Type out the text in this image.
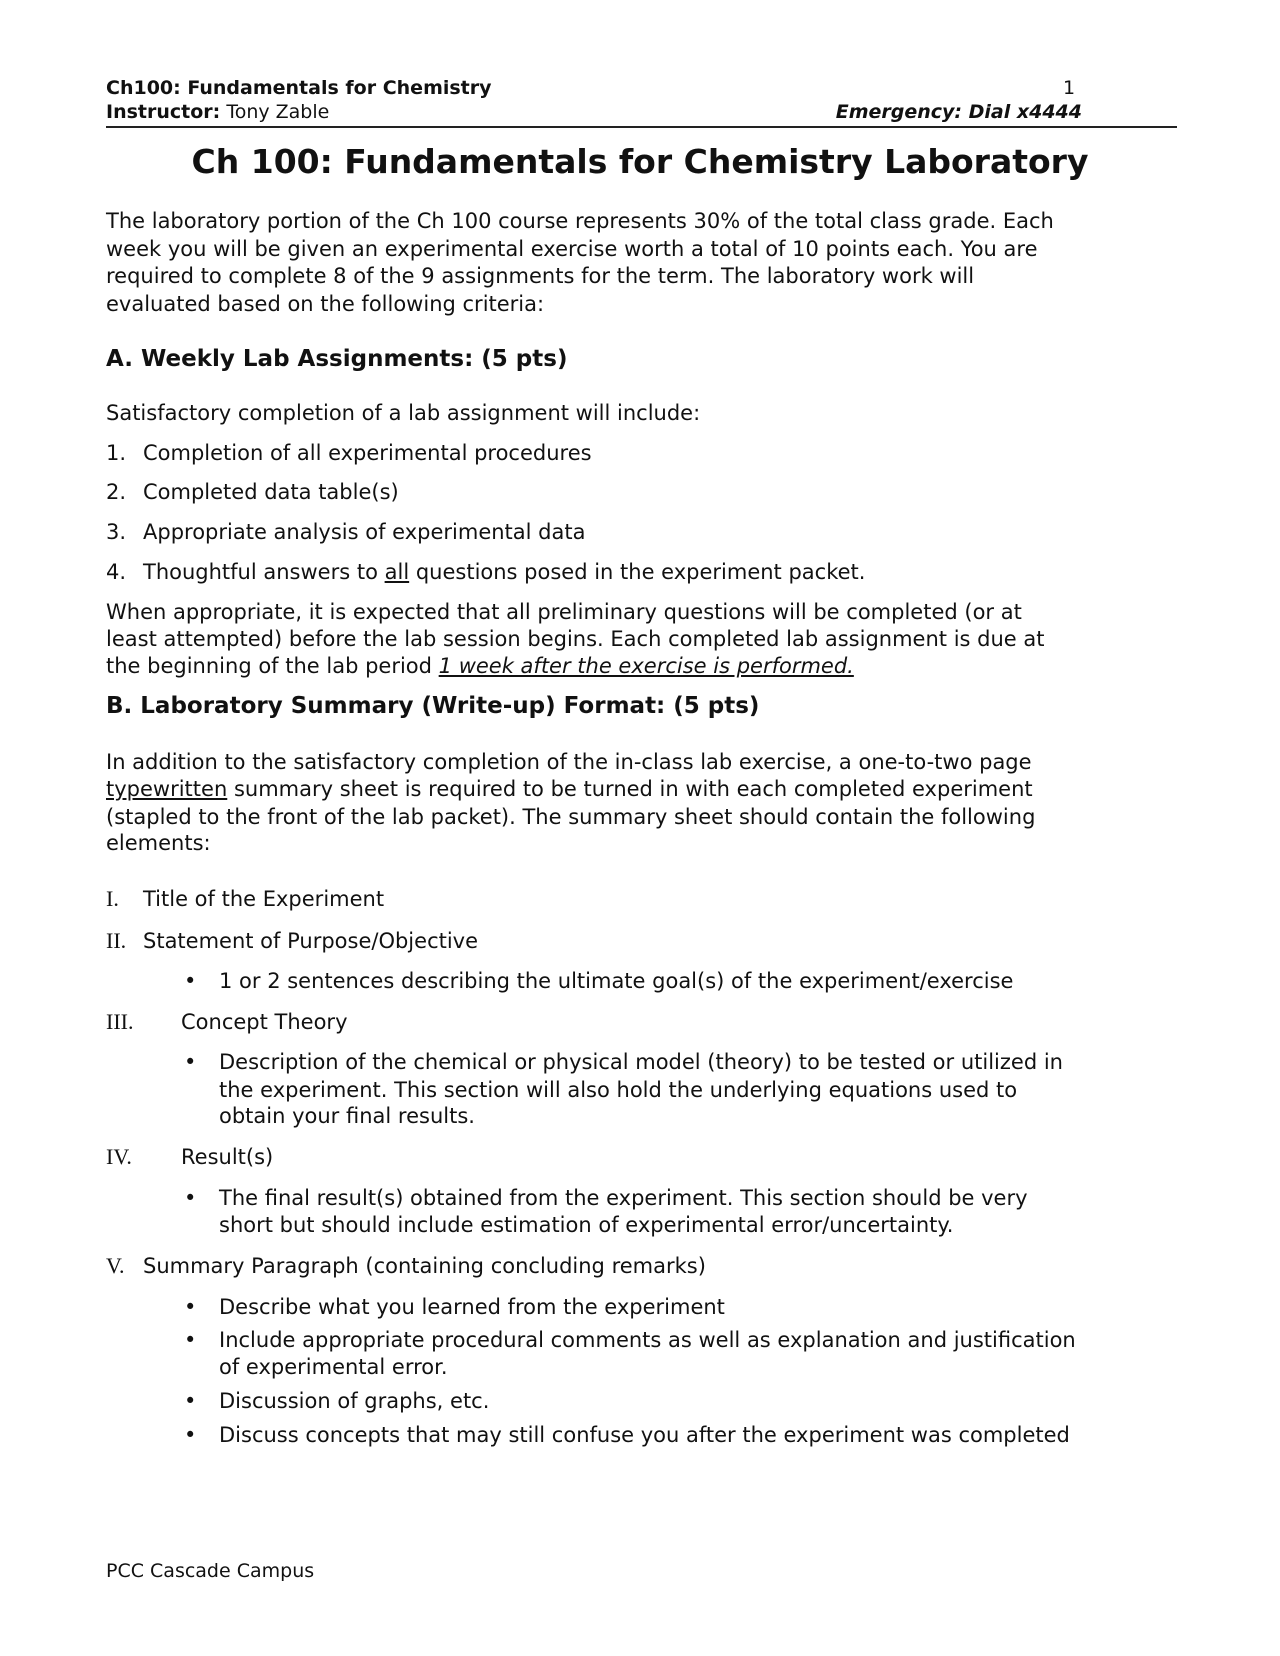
Ch100: Fundamentals for Chemistry	1
Instructor: Tony Zable	Emergency: Dial x4444
Ch 100: Fundamentals for Chemistry Laboratory
The laboratory portion of the Ch 100 course represents 30% of the total class grade. Each
week you will be given an experimental exercise worth a total of 10 points each. You are
required to complete 8 of the 9 assignments for the term. The laboratory work will
evaluated based on the following criteria:
A. Weekly Lab Assignments: (5 pts)
Satisfactory completion of a lab assignment will include:
1. Completion of all experimental procedures
2. Completed data table(s)
3. Appropriate analysis of experimental data
4. Thoughtful answers to all questions posed in the experiment packet.
When appropriate, it is expected that all preliminary questions will be completed (or at
least attempted) before the lab session begins. Each completed lab assignment is due at
the beginning of the lab period 1 week after the exercise is performed.
B. Laboratory Summary (Write-up) Format: (5 pts)
In addition to the satisfactory completion of the in-class lab exercise, a one-to-two page
typewritten summary sheet is required to be turned in with each completed experiment
(stapled to the front of the lab packet). The summary sheet should contain the following
elements:
I. Title of the Experiment
II. Statement of Purpose/Objective
• 1 or 2 sentences describing the ultimate goal(s) of the experiment/exercise
III. Concept Theory
• Description of the chemical or physical model (theory) to be tested or utilized in
the experiment. This section will also hold the underlying equations used to
obtain your final results.
IV. Result(s)
• The final result(s) obtained from the experiment. This section should be very
short but should include estimation of experimental error/uncertainty.
V. Summary Paragraph (containing concluding remarks)
• Describe what you learned from the experiment
• Include appropriate procedural comments as well as explanation and justification
of experimental error.
• Discussion of graphs, etc.
• Discuss concepts that may still confuse you after the experiment was completed
PCC Cascade Campus
